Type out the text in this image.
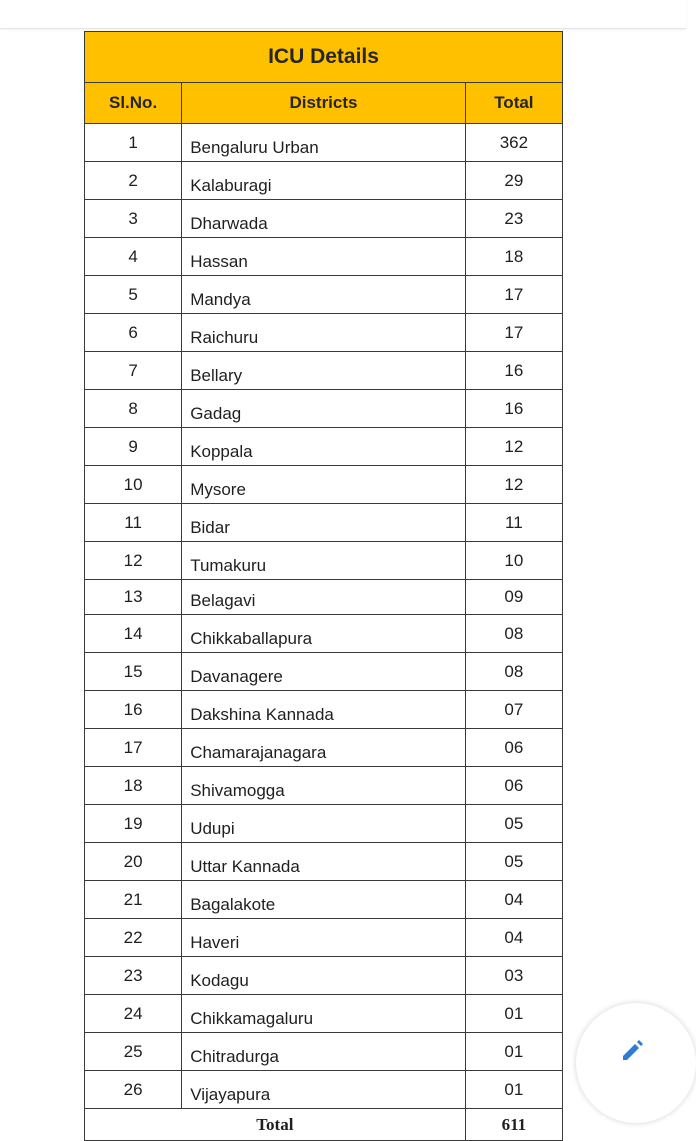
ICU Details		
Sl.No.	Districts	Total
1	Bengaluru Urban	362
2	Kalaburagi	29
3	Dharwada	23
4	Hassan	18
5	Mandya	17
6	Raichuru	17
7	Bellary	16
8	Gadag	16
9	Koppala	12
10	Mysore	12
11	Bidar	11
12	Tumakuru	10
13	Belagavi	09
14	Chikkaballapura	08
15	Davanagere	08
16	Dakshina Kannada	07
17	Chamarajanagara	06
18	Shivamogga	06
19	Udupi	05
20	Uttar Kannada	05
21	Bagalakote	04
22	Haveri	04
23	Kodagu	03
24	Chikkamagaluru	01
25	Chitradurga	01
26	Vijayapura	01
Total		611
